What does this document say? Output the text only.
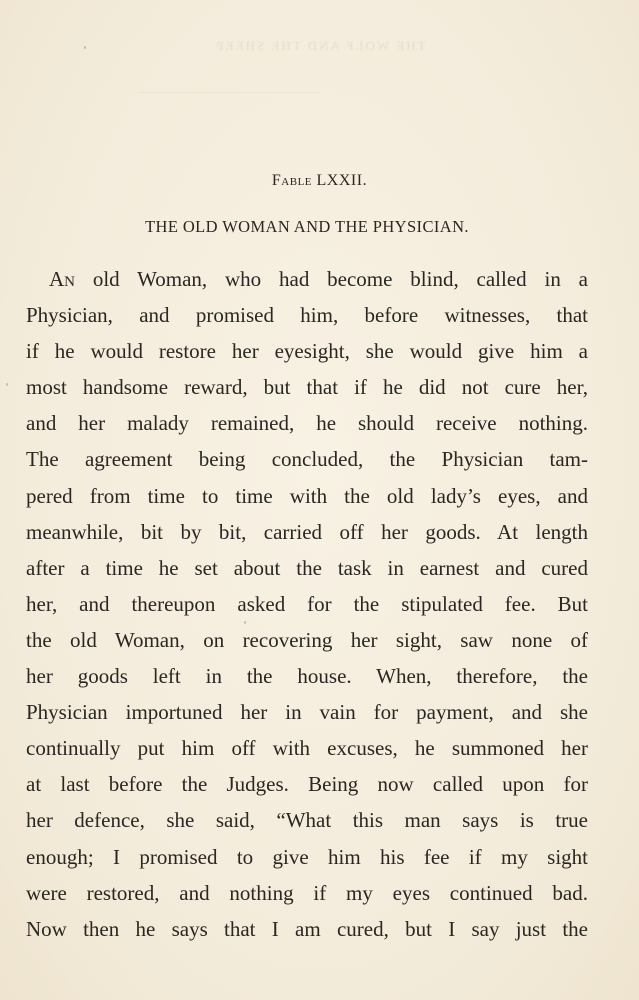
THE WOLF AND THE SHEEP
Fable LXXII.
THE OLD WOMAN AND THE PHYSICIAN.
An old Woman, who had become blind, called in a
Physician, and promised him, before witnesses, that
if he would restore her eyesight, she would give him a
most handsome reward, but that if he did not cure her,
and her malady remained, he should receive nothing.
The agreement being concluded, the Physician tam-
pered from time to time with the old lady’s eyes, and
meanwhile, bit by bit, carried off her goods. At length
after a time he set about the task in earnest and cured
her, and thereupon asked for the stipulated fee. But
the old Woman, on recovering her sight, saw none of
her goods left in the house. When, therefore, the
Physician importuned her in vain for payment, and she
continually put him off with excuses, he summoned her
at last before the Judges. Being now called upon for
her defence, she said, “What this man says is true
enough; I promised to give him his fee if my sight
were restored, and nothing if my eyes continued bad.
Now then he says that I am cured, but I say just the
